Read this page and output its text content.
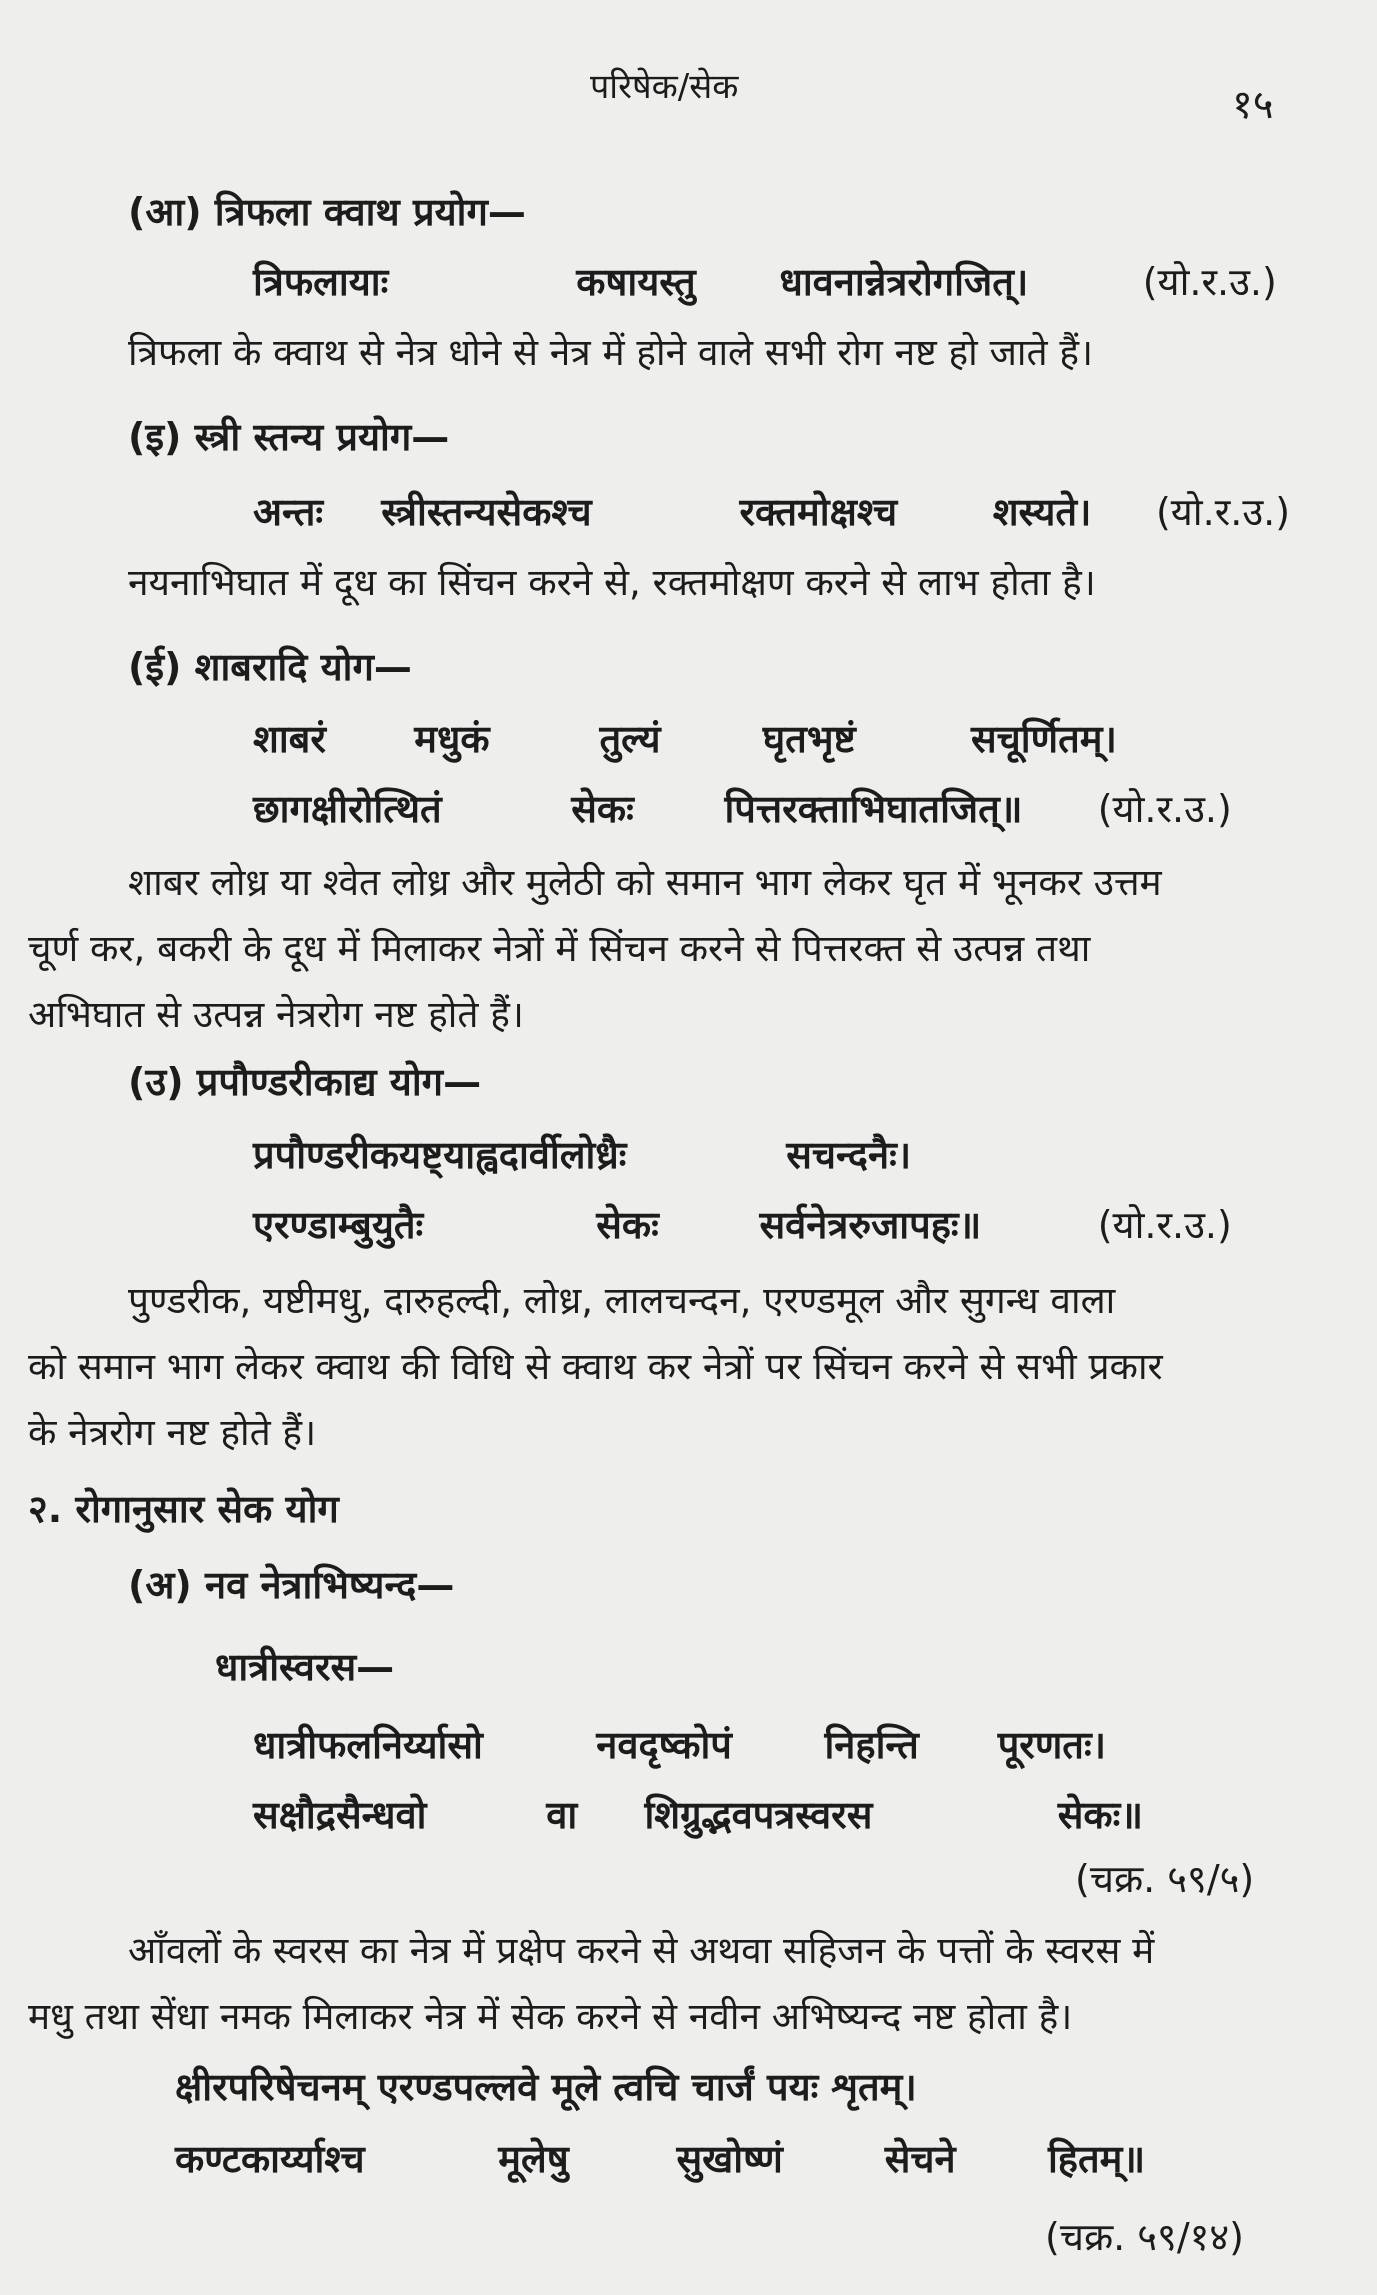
परिषेक/सेक	१५
(आ) त्रिफला क्वाथ प्रयोग—
त्रिफलायाः	कषायस्तु धावनान्नेत्ररोगजित्।	(यो.र.उ.)

त्रिफला के क्वाथ से नेत्र धोने से नेत्र में होने वाले सभी रोग नष्ट हो जाते हैं।

(इ) स्त्री स्तन्य प्रयोग—
अन्तः स्त्रीस्तन्यसेकश्च	रक्तमोक्षश्च	शस्यते। (यो.र.उ.)

नयनाभिघात में दूध का सिंचन करने से, रक्तमोक्षण करने से लाभ होता है।

(ई) शाबरादि योग—
शाबरं मधुकं	तुल्यं	घृतभृष्टं	सचूर्णितम्।
छागक्षीरोत्थितं	सेकः पित्तरक्ताभिघातजित्॥ (यो.र.उ.)

शाबर लोध्र या श्वेत लोध्र और मुलेठी को समान भाग लेकर घृत में भूनकर उत्तम

चूर्ण कर, बकरी के दूध में मिलाकर नेत्रों में सिंचन करने से पित्तरक्त से उत्पन्न तथा

अभिघात से उत्पन्न नेत्ररोग नष्ट होते हैं।

(उ) प्रपौण्डरीकाद्य योग—
प्रपौण्डरीकयष्ट्याह्वदार्वीलोध्रैः	सचन्दनैः।
एरण्डाम्बुयुतैः	सेकः	सर्वनेत्ररुजापहः॥	(यो.र.उ.)

पुण्डरीक, यष्टीमधु, दारुहल्दी, लोध्र, लालचन्दन, एरण्डमूल और सुगन्ध वाला

को समान भाग लेकर क्वाथ की विधि से क्वाथ कर नेत्रों पर सिंचन करने से सभी प्रकार

के नेत्ररोग नष्ट होते हैं।

२. रोगानुसार सेक योग
(अ) नव नेत्राभिष्यन्द—
धात्रीस्वरस—
धात्रीफलनिर्य्यासो	नवदृष्कोपं निहन्ति पूरणतः।
सक्षौद्रसैन्धवो	वा शिग्रुद्भवपत्रस्वरस	सेकः॥
(चक्र. ५९/५)

आँवलों के स्वरस का नेत्र में प्रक्षेप करने से अथवा सहिजन के पत्तों के स्वरस में

मधु तथा सेंधा नमक मिलाकर नेत्र में सेक करने से नवीन अभिष्यन्द नष्ट होता है।

क्षीरपरिषेचनम् एरण्डपल्लवे मूले त्वचि चार्जं पयः शृतम्।
कण्टकार्य्याश्च	मूलेषु	सुखोष्णं	सेचने हितम्॥
(चक्र. ५९/१४)
